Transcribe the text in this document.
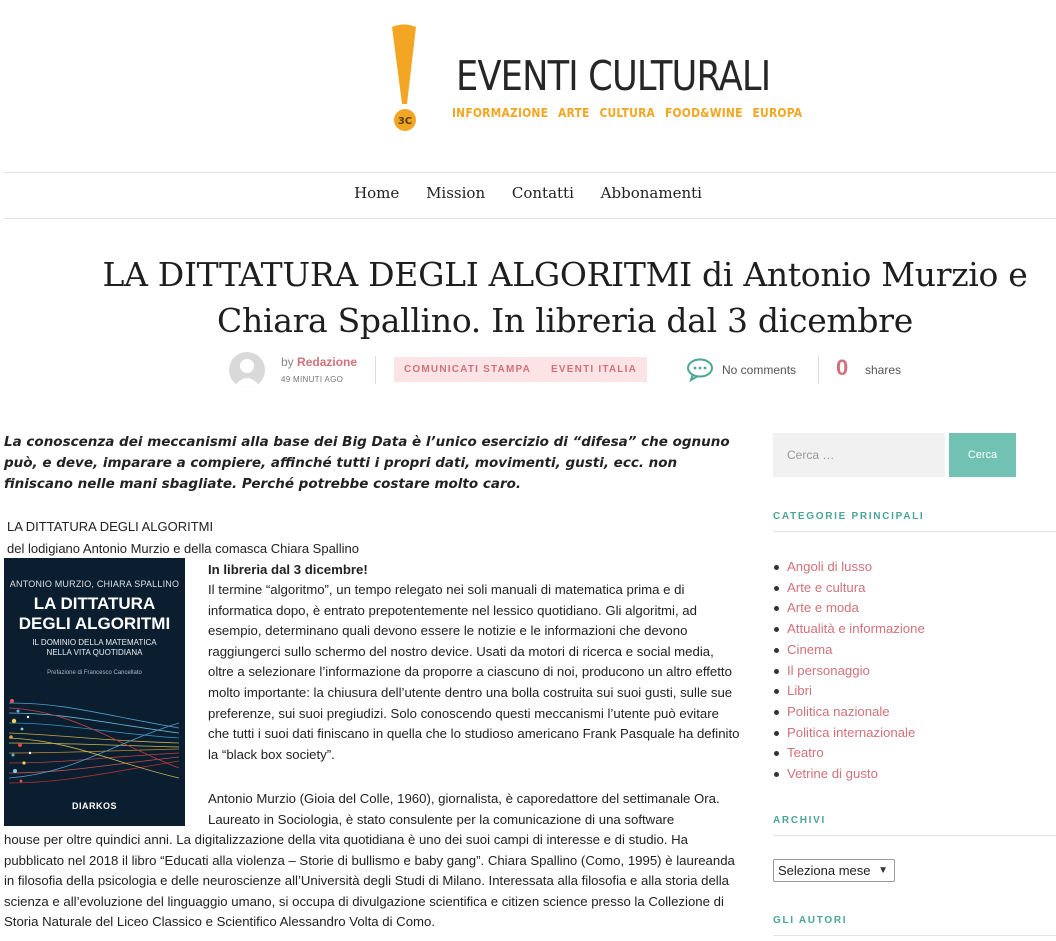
3C
EVENTI CULTURALI
INFORMAZIONE ARTE CULTURA FOOD&WINE EUROPA
Home Mission Contatti Abbonamenti
LA DITTATURA DEGLI ALGORITMI di Antonio Murzio e Chiara Spallino. In libreria dal 3 dicembre
by Redazione
49 MINUTI AGO
COMUNICATI STAMPA EVENTI ITALIA	No comments 0	shares

La conoscenza dei meccanismi alla base dei Big Data è l’unico esercizio di “difesa” che ognuno può, e deve, imparare a compiere, affinché tutti i propri dati, movimenti, gusti, ecc. non finiscano nelle mani sbagliate. Perché potrebbe costare molto caro.

LA DITTATURA DEGLI ALGORITMI
del lodigiano Antonio Murzio e della comasca Chiara Spallino
ANTONIO MURZIO, CHIARA SPALLINO
LA DITTATURA
DEGLI ALGORITMI
IL DOMINIO DELLA MATEMATICA
NELLA VITA QUOTIDIANA
Prefazione di Francesco Cancellato
DIARKOS
In libreria dal 3 dicembre!

Il termine “algoritmo”, un tempo relegato nei soli manuali di matematica prima e di informatica dopo, è entrato prepotentemente nel lessico quotidiano. Gli algoritmi, ad esempio, determinano quali devono essere le notizie e le informazioni che devono raggiungerci sullo schermo del nostro device. Usati da motori di ricerca e social media, oltre a selezionare l’informazione da proporre a ciascuno di noi, producono un altro effetto molto importante: la chiusura dell’utente dentro una bolla costruita sui suoi gusti, sulle sue preferenze, sui suoi pregiudizi. Solo conoscendo questi meccanismi l’utente può evitare che tutti i suoi dati finiscano in quella che lo studioso americano Frank Pasquale ha definito la “black box society”.

Antonio Murzio (Gioia del Colle, 1960), giornalista, è caporedattore del settimanale Ora. Laureato in Sociologia, è stato consulente per la comunicazione di una software

house per oltre quindici anni. La digitalizzazione della vita quotidiana è uno dei suoi campi di interesse e di studio. Ha pubblicato nel 2018 il libro “Educati alla violenza – Storie di bullismo e baby gang”. Chiara Spallino (Como, 1995) è laureanda in filosofia della psicologia e delle neuroscienze all’Università degli Studi di Milano. Interessata alla filosofia e alla storia della scienza e all’evoluzione del linguaggio umano, si occupa di divulgazione scientifica e citizen science presso la Collezione di Storia Naturale del Liceo Classico e Scientifico Alessandro Volta di Como.

Cerca …	Cerca
CATEGORIE PRINCIPALI
Angoli di lusso
Arte e cultura
Arte e moda
Attualità e informazione
Cinema
Il personaggio
Libri
Politica nazionale
Politica internazionale
Teatro
Vetrine di gusto
ARCHIVI
Seleziona mese ▼
GLI AUTORI
